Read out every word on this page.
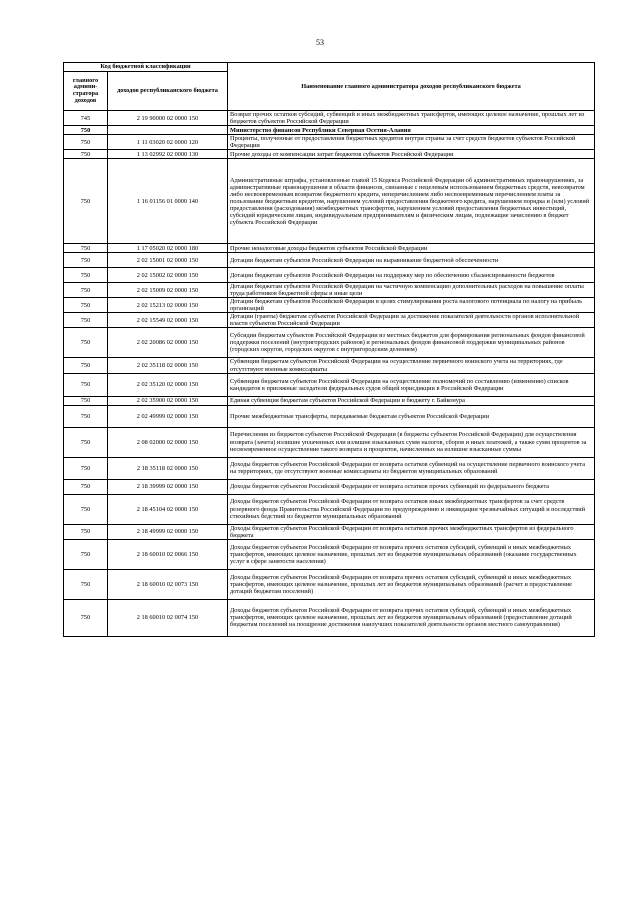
53
Код бюджетной классификации		Наименование главного администратора доходов республиканского бюджета
главного админи- стратора доходов	доходов республиканского бюджета	
745	2 19 90000 02 0000 150	Возврат прочих остатков субсидий, субвенций и иных межбюджетных трансфертов, имеющих целевое назначение, прошлых лет из бюджетов субъектов Российской Федерации
750		Министерство финансов Республики Северная Осетия-Алания
750	1 11 03020 02 0000 120	Проценты, полученные от предоставления бюджетных кредитов внутри страны за счет средств бюджетов субъектов Российской Федерации
750	1 13 02992 02 0000 130	Прочие доходы от компенсации затрат бюджетов субъектов Российской Федерации
750	1 16 01156 01 0000 140	Административные штрафы, установленные главой 15 Кодекса Российской Федерации об административных правонарушениях, за административные правонарушения в области финансов, связанные с нецелевым использованием бюджетных средств, невозвратом либо несвоевременным возвратом бюджетного кредита, неперечислением либо несвоевременным перечислением платы за пользование бюджетным кредитом, нарушением условий предоставления бюджетного кредита, нарушением порядка и (или) условий предоставления (расходования) межбюджетных трансфертов, нарушением условий предоставления бюджетных инвестиций, субсидий юридическим лицам, индивидуальным предпринимателям и физическим лицам, подлежащие зачислению в бюджет субъекта Российской Федерации
750	1 17 05020 02 0000 180	Прочие неналоговые доходы бюджетов субъектов Российской Федерации
750	2 02 15001 02 0000 150	Дотации бюджетам субъектов Российской Федерации на выравнивание бюджетной обеспеченности
750	2 02 15002 02 0000 150	Дотации бюджетам субъектов Российской Федерации на поддержку мер по обеспечению сбалансированности бюджетов
750	2 02 15009 02 0000 150	Дотации бюджетам субъектов Российской Федерации на частичную компенсацию дополнительных расходов на повышение оплаты труда работников бюджетной сферы и иные цели
750	2 02 15213 02 0000 150	Дотации бюджетам субъектов Российской Федерации в целях стимулирования роста налогового потенциала по налогу на прибыль организаций
750	2 02 15549 02 0000 150	Дотации (гранты) бюджетам субъектов Российской Федерации за достижение показателей деятельности органов исполнительной власти субъектов Российской Федерации
750	2 02 20086 02 0000 150	Субсидии бюджетам субъектов Российской Федерации из местных бюджетов для формирования региональных фондов финансовой поддержки поселений (внутригородских районов) и региональных фондов финансовой поддержки муниципальных районов (городских округов, городских округов с внутригородским делением)
750	2 02 35118 02 0000 150	Субвенции бюджетам субъектов Российской Федерации на осуществление первичного воинского учета на территориях, где отсутствуют военные комиссариаты
750	2 02 35120 02 0000 150	Субвенции бюджетам субъектов Российской Федерации на осуществление полномочий по составлению (изменению) списков кандидатов в присяжные заседатели федеральных судов общей юрисдикции в Российской Федерации
750	2 02 35900 02 0000 150	Единая субвенция бюджетам субъектов Российской Федерации и бюджету г. Байконура
750	2 02 49999 02 0000 150	Прочие межбюджетные трансферты, передаваемые бюджетам субъектов Российской Федерации
750	2 08 02000 02 0000 150	Перечисления из бюджетов субъектов Российской Федерации (в бюджеты субъектов Российской Федерации) для осуществления возврата (зачета) излишне уплаченных или излишне взысканных сумм налогов, сборов и иных платежей, а также сумм процентов за несвоевременное осуществление такого возврата и процентов, начисленных на излишне взысканные суммы
750	2 18 35118 02 0000 150	Доходы бюджетов субъектов Российской Федерации от возврата остатков субвенций на осуществление первичного воинского учета на территориях, где отсутствуют военные комиссариаты из бюджетов муниципальных образований
750	2 18 39999 02 0000 150	Доходы бюджетов субъектов Российской Федерации от возврата остатков прочих субвенций из федерального бюджета
750	2 18 45104 02 0000 150	Доходы бюджетов субъектов Российской Федерации от возврата остатков иных межбюджетных трансфертов за счет средств резервного фонда Правительства Российской Федерации по предупреждению и ликвидации чрезвычайных ситуаций и последствий стихийных бедствий из бюджетов муниципальных образований
750	2 18 49999 02 0000 150	Доходы бюджетов субъектов Российской Федерации от возврата остатков прочих межбюджетных трансфертов из федерального бюджета
750	2 18 60010 02 0066 150	Доходы бюджетов субъектов Российской Федерации от возврата прочих остатков субсидий, субвенций и иных межбюджетных трансфертов, имеющих целевое назначение, прошлых лет из бюджетов муниципальных образований (оказание государственных услуг в сфере занятости населения)
750	2 18 60010 02 0073 150	Доходы бюджетов субъектов Российской Федерации от возврата прочих остатков субсидий, субвенций и иных межбюджетных трансфертов, имеющих целевое назначение, прошлых лет из бюджетов муниципальных образований (расчет и предоставление дотаций бюджетам поселений)
750	2 18 60010 02 0074 150	Доходы бюджетов субъектов Российской Федерации от возврата прочих остатков субсидий, субвенций и иных межбюджетных трансфертов, имеющих целевое назначение, прошлых лет из бюджетов муниципальных образований (предоставление дотаций бюджетам поселений на поощрение достижения наилучших показателей деятельности органов местного самоуправления)
